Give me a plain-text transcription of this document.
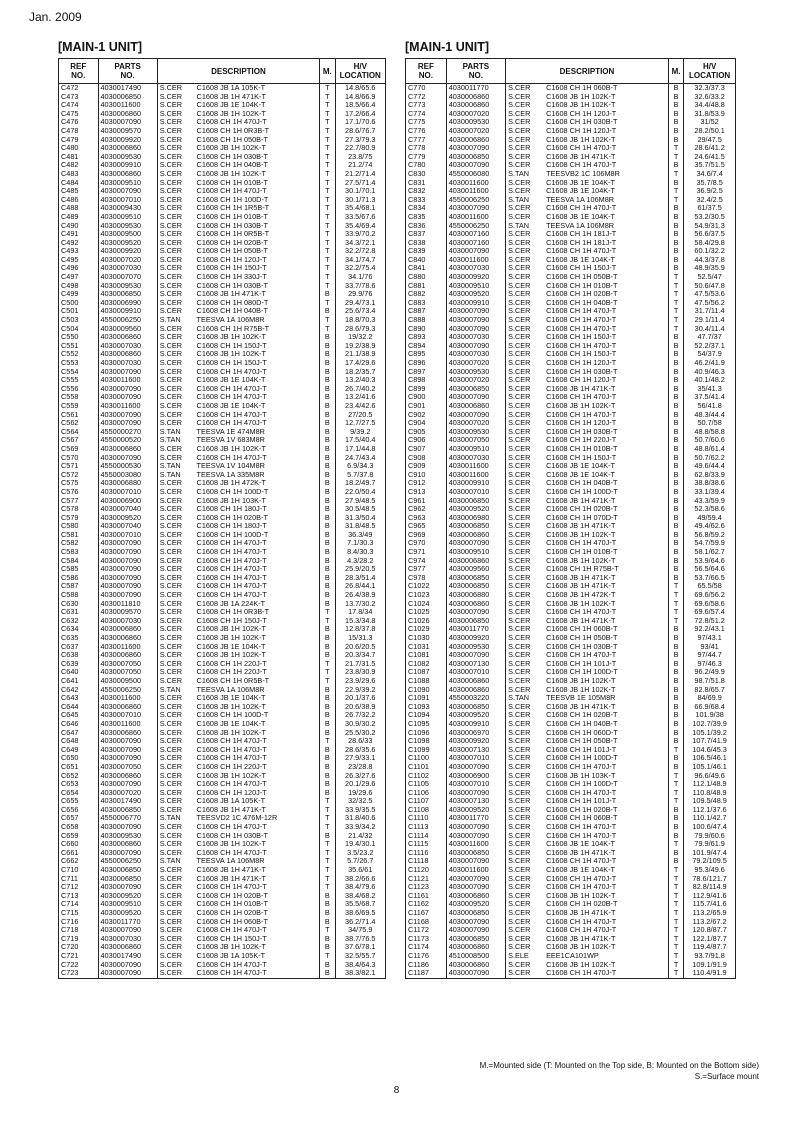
Jan. 2009
[MAIN-1 UNIT]	[MAIN-1 UNIT]
REF
NO.	PARTS
NO.	DESCRIPTION		M.	H/V
LOCATION
C472	4030017490	S.CER	C1608 JB 1A 105K-T	T	14.8/65.6
C473	4030006850	S.CER	C1608 JB 1H 471K-T	T	14.8/66.9
C474	4030011600	S.CER	C1608 JB 1E 104K-T	T	18.5/66.4
C475	4030006860	S.CER	C1608 JB 1H 102K-T	T	17.2/66.4
C476	4030007090	S.CER	C1608 CH 1H 470J-T	T	17.1/70.6
C478	4030009570	S.CER	C1608 CH 1H 0R3B-T	T	28.6/76.7
C479	4030009920	S.CER	C1608 CH 1H 050B-T	T	27.3/79.3
C480	4030006860	S.CER	C1608 JB 1H 102K-T	T	22.7/80.9
C481	4030009530	S.CER	C1608 CH 1H 030B-T	T	23.8/75
C482	4030009910	S.CER	C1608 CH 1H 040B-T	T	21.2/74
C483	4030006860	S.CER	C1608 JB 1H 102K-T	T	21.2/71.4
C484	4030009510	S.CER	C1608 CH 1H 010B-T	T	27.5/71.4
C485	4030007090	S.CER	C1608 CH 1H 470J-T	T	30.1/70.1
C486	4030007010	S.CER	C1608 CH 1H 100D-T	T	30.1/71.3
C488	4030009430	S.CER	C1608 CH 1H 1R5B-T	T	35.4/68.1
C489	4030009510	S.CER	C1608 CH 1H 010B-T	T	33.5/67.6
C490	4030009530	S.CER	C1608 CH 1H 030B-T	T	35.4/69.4
C491	4030009500	S.CER	C1608 CH 1H 0R5B-T	T	33.9/70.2
C492	4030009520	S.CER	C1608 CH 1H 020B-T	T	34.3/72.1
C493	4030009920	S.CER	C1608 CH 1H 050B-T	T	32.2/72.8
C495	4030007020	S.CER	C1608 CH 1H 120J-T	T	34.1/74.7
C496	4030007030	S.CER	C1608 CH 1H 150J-T	T	32.2/75.4
C497	4030007070	S.CER	C1608 CH 1H 330J-T	T	34.1/76
C498	4030009530	S.CER	C1608 CH 1H 030B-T	T	33.7/78.6
C499	4030006850	S.CER	C1608 JB 1H 471K-T	B	29.9/76
C500	4030006990	S.CER	C1608 CH 1H 080D-T	T	29.4/73.1
C501	4030009910	S.CER	C1608 CH 1H 040B-T	B	25.6/73.4
C503	4550006250	S.TAN	TEESVA 1A 106M8R	T	18.8/70.3
C504	4030009560	S.CER	C1608 CH 1H R75B-T	T	28.6/79.3
C550	4030006860	S.CER	C1608 JB 1H 102K-T	B	19/32.2
C551	4030007030	S.CER	C1608 CH 1H 150J-T	B	19.2/38.9
C552	4030006860	S.CER	C1608 JB 1H 102K-T	B	21.1/38.9
C553	4030007030	S.CER	C1608 CH 1H 150J-T	B	17.4/29.6
C554	4030007090	S.CER	C1608 CH 1H 470J-T	B	18.2/35.7
C555	4030011600	S.CER	C1608 JB 1E 104K-T	B	13.2/40.3
C556	4030007090	S.CER	C1608 CH 1H 470J-T	B	26.7/40.2
C558	4030007090	S.CER	C1608 CH 1H 470J-T	B	13.2/41.6
C559	4030011600	S.CER	C1608 JB 1E 104K-T	B	23.4/42.6
C561	4030007090	S.CER	C1608 CH 1H 470J-T	B	27/20.5
C562	4030007090	S.CER	C1608 CH 1H 470J-T	B	12.7/27.5
C564	4550000270	S.TAN	TEESVA 1E 474M8R	B	9/39.2
C567	4550000520	S.TAN	TEESVA 1V 683M8R	B	17.5/40.4
C569	4030006860	S.CER	C1608 JB 1H 102K-T	B	17.1/44.8
C570	4030007090	S.CER	C1608 CH 1H 470J-T	B	24.7/43.4
C571	4550000530	S.TAN	TEESVA 1V 104M8R	B	6.9/34.3
C572	4550003080	S.TAN	TEESVA 1A 335M8R	B	5.7/37.8
C575	4030006880	S.CER	C1608 JB 1H 472K-T	B	18.2/49.7
C576	4030007010	S.CER	C1608 CH 1H 100D-T	B	22.0/50.4
C577	4030006900	S.CER	C1608 JB 1H 103K-T	B	27.9/48.5
C578	4030007040	S.CER	C1608 CH 1H 180J-T	B	30.5/48.5
C579	4030009520	S.CER	C1608 CH 1H 020B-T	B	31.3/50.4
C580	4030007040	S.CER	C1608 CH 1H 180J-T	B	31.8/48.5
C581	4030007010	S.CER	C1608 CH 1H 100D-T	B	36.3/49
C582	4030007090	S.CER	C1608 CH 1H 470J-T	B	7.1/30.3
C583	4030007090	S.CER	C1608 CH 1H 470J-T	B	8.4/30.3
C584	4030007090	S.CER	C1608 CH 1H 470J-T	B	4.3/28.2
C585	4030007090	S.CER	C1608 CH 1H 470J-T	B	25.9/20.5
C586	4030007090	S.CER	C1608 CH 1H 470J-T	B	28.3/51.4
C587	4030007090	S.CER	C1608 CH 1H 470J-T	B	26.8/44.1
C588	4030007090	S.CER	C1608 CH 1H 470J-T	B	26.4/38.9
C630	4030011810	S.CER	C1608 JB 1A 224K-T	B	13.7/30.2
C631	4030009570	S.CER	C1608 CH 1H 0R3B-T	T	17.8/34
C632	4030007030	S.CER	C1608 CH 1H 150J-T	T	15.3/34.8
C634	4030006860	S.CER	C1608 JB 1H 102K-T	B	12.8/37.8
C635	4030006860	S.CER	C1608 JB 1H 102K-T	B	15/31.3
C637	4030011600	S.CER	C1608 JB 1E 104K-T	B	20.6/20.5
C638	4030006860	S.CER	C1608 JB 1H 102K-T	B	20.3/34.7
C639	4030007050	S.CER	C1608 CH 1H 220J-T	T	21.7/31.5
C640	4030007050	S.CER	C1608 CH 1H 220J-T	T	23.8/30.9
C641	4030009500	S.CER	C1608 CH 1H 0R5B-T	T	23.9/29.6
C642	4550006250	S.TAN	TEESVA 1A 106M8R	B	22.9/39.2
C643	4030011600	S.CER	C1608 JB 1E 104K-T	B	20.1/37.6
C644	4030006860	S.CER	C1608 JB 1H 102K-T	B	20.6/38.9
C645	4030007010	S.CER	C1608 CH 1H 100D-T	B	26.7/32.2
C646	4030011600	S.CER	C1608 JB 1E 104K-T	B	30.9/30.2
C647	4030006860	S.CER	C1608 JB 1H 102K-T	B	25.5/30.2
C648	4030007090	S.CER	C1608 CH 1H 470J-T	T	28.6/33
C649	4030007090	S.CER	C1608 CH 1H 470J-T	B	28.6/35.6
C650	4030007090	S.CER	C1608 CH 1H 470J-T	B	27.9/33.1
C651	4030007050	S.CER	C1608 CH 1H 220J-T	B	23/28.8
C652	4030006860	S.CER	C1608 JB 1H 102K-T	B	26.3/27.6
C653	4030007090	S.CER	C1608 CH 1H 470J-T	B	20.1/29.6
C654	4030007020	S.CER	C1608 CH 1H 120J-T	B	19/29.6
C655	4030017490	S.CER	C1608 JB 1A 105K-T	T	32/32.5
C656	4030006850	S.CER	C1608 JB 1H 471K-T	T	33.9/35.5
C657	4550006770	S.TAN	TEESVD2 1C 476M-12R	T	31.8/40.6
C658	4030007090	S.CER	C1608 CH 1H 470J-T	T	33.9/34.2
C659	4030009530	S.CER	C1608 CH 1H 030B-T	B	21.4/32
C660	4030006860	S.CER	C1608 JB 1H 102K-T	T	19.4/30.1
C661	4030007090	S.CER	C1608 CH 1H 470J-T	T	3.5/23.2
C662	4550006250	S.TAN	TEESVA 1A 106M8R	T	5.7/26.7
C710	4030006850	S.CER	C1608 JB 1H 471K-T	T	35.6/61
C711	4030006850	S.CER	C1608 JB 1H 471K-T	T	38.2/66.6
C712	4030007090	S.CER	C1608 CH 1H 470J-T	T	38.4/79.6
C713	4030009520	S.CER	C1608 CH 1H 020B-T	B	38.4/68.2
C714	4030009510	S.CER	C1608 CH 1H 010B-T	B	35.5/68.7
C715	4030009520	S.CER	C1608 CH 1H 020B-T	B	38.6/69.5
C716	4030011770	S.CER	C1608 CH 1H 060B-T	B	36.2/71.4
C718	4030007090	S.CER	C1608 CH 1H 470J-T	T	34/75.9
C719	4030007030	S.CER	C1608 CH 1H 150J-T	B	38.7/76.5
C720	4030006860	S.CER	C1608 JB 1H 102K-T	B	37.6/78.1
C721	4030017490	S.CER	C1608 JB 1A 105K-T	T	32.5/55.7
C722	4030007090	S.CER	C1608 CH 1H 470J-T	B	38.4/64.3
C723	4030007090	S.CER	C1608 CH 1H 470J-T	B	38.3/82.1
REF
NO.	PARTS
NO.	DESCRIPTION		M.	H/V
LOCATION
C770	4030011770	S.CER	C1608 CH 1H 060B-T	B	32.3/37.3
C772	4030006860	S.CER	C1608 JB 1H 102K-T	B	32.6/33.2
C773	4030006860	S.CER	C1608 JB 1H 102K-T	B	34.4/48.8
C774	4030007020	S.CER	C1608 CH 1H 120J-T	B	31.8/53.9
C775	4030009530	S.CER	C1608 CH 1H 030B-T	B	31/52
C776	4030007020	S.CER	C1608 CH 1H 120J-T	B	28.2/50.1
C777	4030006860	S.CER	C1608 JB 1H 102K-T	B	29/47.5
C778	4030007090	S.CER	C1608 CH 1H 470J-T	T	28.6/41.2
C779	4030006850	S.CER	C1608 JB 1H 471K-T	T	24.6/41.5
C780	4030007090	S.CER	C1608 CH 1H 470J-T	B	35.7/51.5
C830	4550006080	S.TAN	TEESVB2 1C 106M8R	T	34.6/7.4
C831	4030011600	S.CER	C1608 JB 1E 104K-T	B	35.7/8.5
C832	4030011600	S.CER	C1608 JB 1E 104K-T	T	36.9/2.5
C833	4550006250	S.TAN	TEESVA 1A 106M8R	T	32.4/2.5
C834	4030007090	S.CER	C1608 CH 1H 470J-T	B	61/37.5
C835	4030011600	S.CER	C1608 JB 1E 104K-T	B	53.2/30.5
C836	4550006250	S.TAN	TEESVA 1A 106M8R	B	54.9/31.3
C837	4030007160	S.CER	C1608 CH 1H 181J-T	B	56.6/37.5
C838	4030007160	S.CER	C1608 CH 1H 181J-T	B	58.4/29.8
C839	4030007090	S.CER	C1608 CH 1H 470J-T	B	60.1/32.2
C840	4030011600	S.CER	C1608 JB 1E 104K-T	B	44.3/37.8
C841	4030007030	S.CER	C1608 CH 1H 150J-T	B	48.9/35.9
C880	4030009920	S.CER	C1608 CH 1H 050B-T	T	52.5/47
C881	4030009510	S.CER	C1608 CH 1H 010B-T	T	50.6/47.8
C882	4030009520	S.CER	C1608 CH 1H 020B-T	T	47.5/53.6
C883	4030009910	S.CER	C1608 CH 1H 040B-T	T	47.5/56.2
C887	4030007090	S.CER	C1608 CH 1H 470J-T	T	31.7/11.4
C888	4030007090	S.CER	C1608 CH 1H 470J-T	T	29.1/11.4
C890	4030007090	S.CER	C1608 CH 1H 470J-T	T	30.4/11.4
C893	4030007030	S.CER	C1608 CH 1H 150J-T	B	47.7/37
C894	4030007090	S.CER	C1608 CH 1H 470J-T	B	52.2/37.1
C895	4030007030	S.CER	C1608 CH 1H 150J-T	B	54/37.9
C896	4030007020	S.CER	C1608 CH 1H 120J-T	B	46.2/41.9
C897	4030009530	S.CER	C1608 CH 1H 030B-T	B	40.9/46.3
C898	4030007020	S.CER	C1608 CH 1H 120J-T	B	40.1/48.2
C899	4030006850	S.CER	C1608 JB 1H 471K-T	B	35/41.3
C900	4030007090	S.CER	C1608 CH 1H 470J-T	B	37.5/41.4
C901	4030006860	S.CER	C1608 JB 1H 102K-T	B	56/41.8
C902	4030007090	S.CER	C1608 CH 1H 470J-T	B	48.3/44.4
C904	4030007020	S.CER	C1608 CH 1H 120J-T	B	50.7/58
C905	4030009530	S.CER	C1608 CH 1H 030B-T	B	48.8/58.8
C906	4030007050	S.CER	C1608 CH 1H 220J-T	B	50.7/60.6
C907	4030009510	S.CER	C1608 CH 1H 010B-T	B	48.8/61.4
C908	4030007030	S.CER	C1608 CH 1H 150J-T	B	50.7/62.2
C909	4030011600	S.CER	C1608 JB 1E 104K-T	B	49.6/44.4
C910	4030011600	S.CER	C1608 JB 1E 104K-T	B	62.8/33.9
C912	4030009910	S.CER	C1608 CH 1H 040B-T	B	38.8/38.6
C913	4030007010	S.CER	C1608 CH 1H 100D-T	B	33.1/39.4
C961	4030006850	S.CER	C1608 JB 1H 471K-T	B	43.3/59.9
C962	4030009520	S.CER	C1608 CH 1H 020B-T	B	52.3/58.6
C963	4030006980	S.CER	C1608 CH 1H 070D-T	B	49/59.4
C965	4030006850	S.CER	C1608 JB 1H 471K-T	B	49.4/62.6
C969	4030006860	S.CER	C1608 JB 1H 102K-T	B	56.8/59.2
C970	4030007090	S.CER	C1608 CH 1H 470J-T	B	54.7/59.9
C971	4030009510	S.CER	C1608 CH 1H 010B-T	B	58.1/62.7
C974	4030006860	S.CER	C1608 JB 1H 102K-T	B	53.9/64.6
C977	4030009560	S.CER	C1608 CH 1H R75B-T	B	56.5/64.6
C978	4030006850	S.CER	C1608 JB 1H 471K-T	B	53.7/66.5
C1022	4030006850	S.CER	C1608 JB 1H 471K-T	T	65.5/58
C1023	4030006880	S.CER	C1608 JB 1H 472K-T	T	69.6/56.2
C1024	4030006860	S.CER	C1608 JB 1H 102K-T	T	69.6/58.6
C1025	4030007090	S.CER	C1608 CH 1H 470J-T	T	69.6/57.4
C1026	4030006850	S.CER	C1608 JB 1H 471K-T	T	72.8/51.2
C1029	4030011770	S.CER	C1608 CH 1H 060B-T	B	92.2/43.1
C1030	4030009920	S.CER	C1608 CH 1H 050B-T	B	97/43.1
C1031	4030009530	S.CER	C1608 CH 1H 030B-T	B	93/41
C1081	4030007090	S.CER	C1608 CH 1H 470J-T	B	97/44.7
C1082	4030007130	S.CER	C1608 CH 1H 101J-T	B	97/46.3
C1087	4030007010	S.CER	C1608 CH 1H 100D-T	B	96.2/49.9
C1088	4030006860	S.CER	C1608 JB 1H 102K-T	B	98.7/51.8
C1090	4030006860	S.CER	C1608 JB 1H 102K-T	B	82.8/65.7
C1091	4550003220	S.TAN	TEESVB 1E 105M8R	B	84/69.9
C1093	4030006850	S.CER	C1608 JB 1H 471K-T	B	66.9/68.4
C1094	4030009520	S.CER	C1608 CH 1H 020B-T	B	101.9/38
C1095	4030009910	S.CER	C1608 CH 1H 040B-T	B	102.7/39.9
C1096	4030006970	S.CER	C1608 CH 1H 060D-T	B	105.1/39.2
C1098	4030009920	S.CER	C1608 CH 1H 050B-T	B	107.7/41.9
C1099	4030007130	S.CER	C1608 CH 1H 101J-T	T	104.6/45.3
C1100	4030007010	S.CER	C1608 CH 1H 100D-T	B	106.5/46.1
C1101	4030007090	S.CER	C1608 CH 1H 470J-T	B	105.1/46.1
C1102	4030006900	S.CER	C1608 JB 1H 103K-T	T	96.6/49.6
C1105	4030007010	S.CER	C1608 CH 1H 100D-T	T	112.1/48.9
C1106	4030007090	S.CER	C1608 CH 1H 470J-T	T	110.8/48.9
C1107	4030007130	S.CER	C1608 CH 1H 101J-T	T	109.5/48.9
C1108	4030009520	S.CER	C1608 CH 1H 020B-T	B	112.1/37.6
C1110	4030011770	S.CER	C1608 CH 1H 060B-T	B	110.1/42.7
C1113	4030007090	S.CER	C1608 CH 1H 470J-T	B	100.6/47.4
C1114	4030007090	S.CER	C1608 CH 1H 470J-T	B	79.9/60.6
C1115	4030011600	S.CER	C1608 JB 1E 104K-T	T	79.9/61.9
C1116	4030006850	S.CER	C1608 JB 1H 471K-T	B	101.9/47.4
C1118	4030007090	S.CER	C1608 CH 1H 470J-T	B	79.2/109.5
C1120	4030011600	S.CER	C1608 JB 1E 104K-T	T	95.3/49.6
C1121	4030007090	S.CER	C1608 CH 1H 470J-T	T	78.6/121.7
C1123	4030007090	S.CER	C1608 CH 1H 470J-T	T	82.8/114.9
C1161	4030006860	S.CER	C1608 JB 1H 102K-T	T	112.9/41.6
C1162	4030009520	S.CER	C1608 CH 1H 020B-T	T	115.7/41.6
C1167	4030006850	S.CER	C1608 JB 1H 471K-T	T	113.2/65.9
C1168	4030007090	S.CER	C1608 CH 1H 470J-T	T	113.2/67.2
C1172	4030007090	S.CER	C1608 CH 1H 470J-T	T	120.8/87.7
C1173	4030006850	S.CER	C1608 JB 1H 471K-T	T	122.1/87.7
C1174	4030006860	S.CER	C1608 JB 1H 102K-T	T	119.4/87.7
C1176	4510008500	S.ELE	EEE1CA101WP	T	93.7/91.8
C1186	4030006860	S.CER	C1608 JB 1H 102K-T	T	109.1/91.9
C1187	4030007090	S.CER	C1608 CH 1H 470J-T	T	110.4/91.9
M.=Mounted side (T: Mounted on the Top side, B: Mounted on the Bottom side)
S.=Surface mount
8
